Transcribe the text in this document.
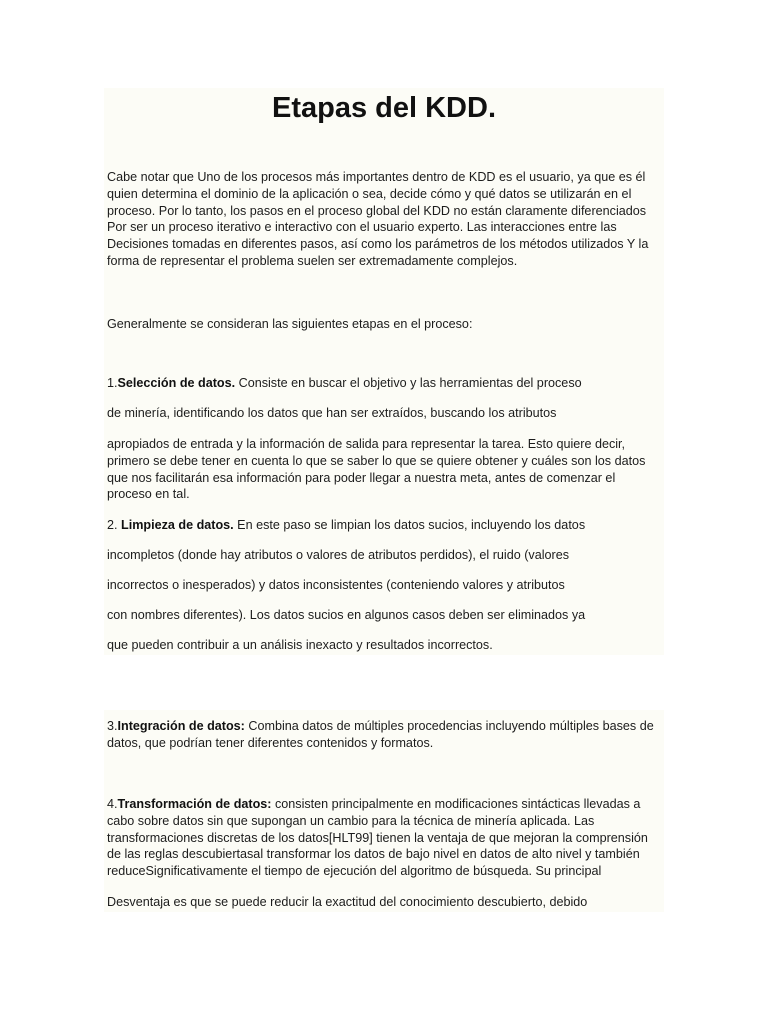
Etapas del KDD.

Cabe notar que Uno de los procesos más importantes dentro de KDD es el usuario, ya que es él quien determina el dominio de la aplicación o sea, decide cómo y qué datos se utilizarán en el proceso. Por lo tanto, los pasos en el proceso global del KDD no están claramente diferenciados Por ser un proceso iterativo e interactivo con el usuario experto. Las interacciones entre las Decisiones tomadas en diferentes pasos, así como los parámetros de los métodos utilizados Y la forma de representar el problema suelen ser extremadamente complejos.

Generalmente se consideran las siguientes etapas en el proceso:

1.Selección de datos. Consiste en buscar el objetivo y las herramientas del proceso

de minería, identificando los datos que han ser extraídos, buscando los atributos

apropiados de entrada y la información de salida para representar la tarea. Esto quiere decir, primero se debe tener en cuenta lo que se saber lo que se quiere obtener y cuáles son los datos que nos facilitarán esa información para poder llegar a nuestra meta, antes de comenzar el proceso en tal.

2. Limpieza de datos. En este paso se limpian los datos sucios, incluyendo los datos

incompletos (donde hay atributos o valores de atributos perdidos), el ruido (valores

incorrectos o inesperados) y datos inconsistentes (conteniendo valores y atributos

con nombres diferentes). Los datos sucios en algunos casos deben ser eliminados ya

que pueden contribuir a un análisis inexacto y resultados incorrectos.

3.Integración de datos: Combina datos de múltiples procedencias incluyendo múltiples bases de datos, que podrían tener diferentes contenidos y formatos.

4.Transformación de datos: consisten principalmente en modificaciones sintácticas llevadas a cabo sobre datos sin que supongan un cambio para la técnica de minería aplicada. Las transformaciones discretas de los datos[HLT99] tienen la ventaja de que mejoran la comprensión de las reglas descubiertasal transformar los datos de bajo nivel en datos de alto nivel y también reduceSignificativamente el tiempo de ejecución del algoritmo de búsqueda. Su principal

Desventaja es que se puede reducir la exactitud del conocimiento descubierto, debido
